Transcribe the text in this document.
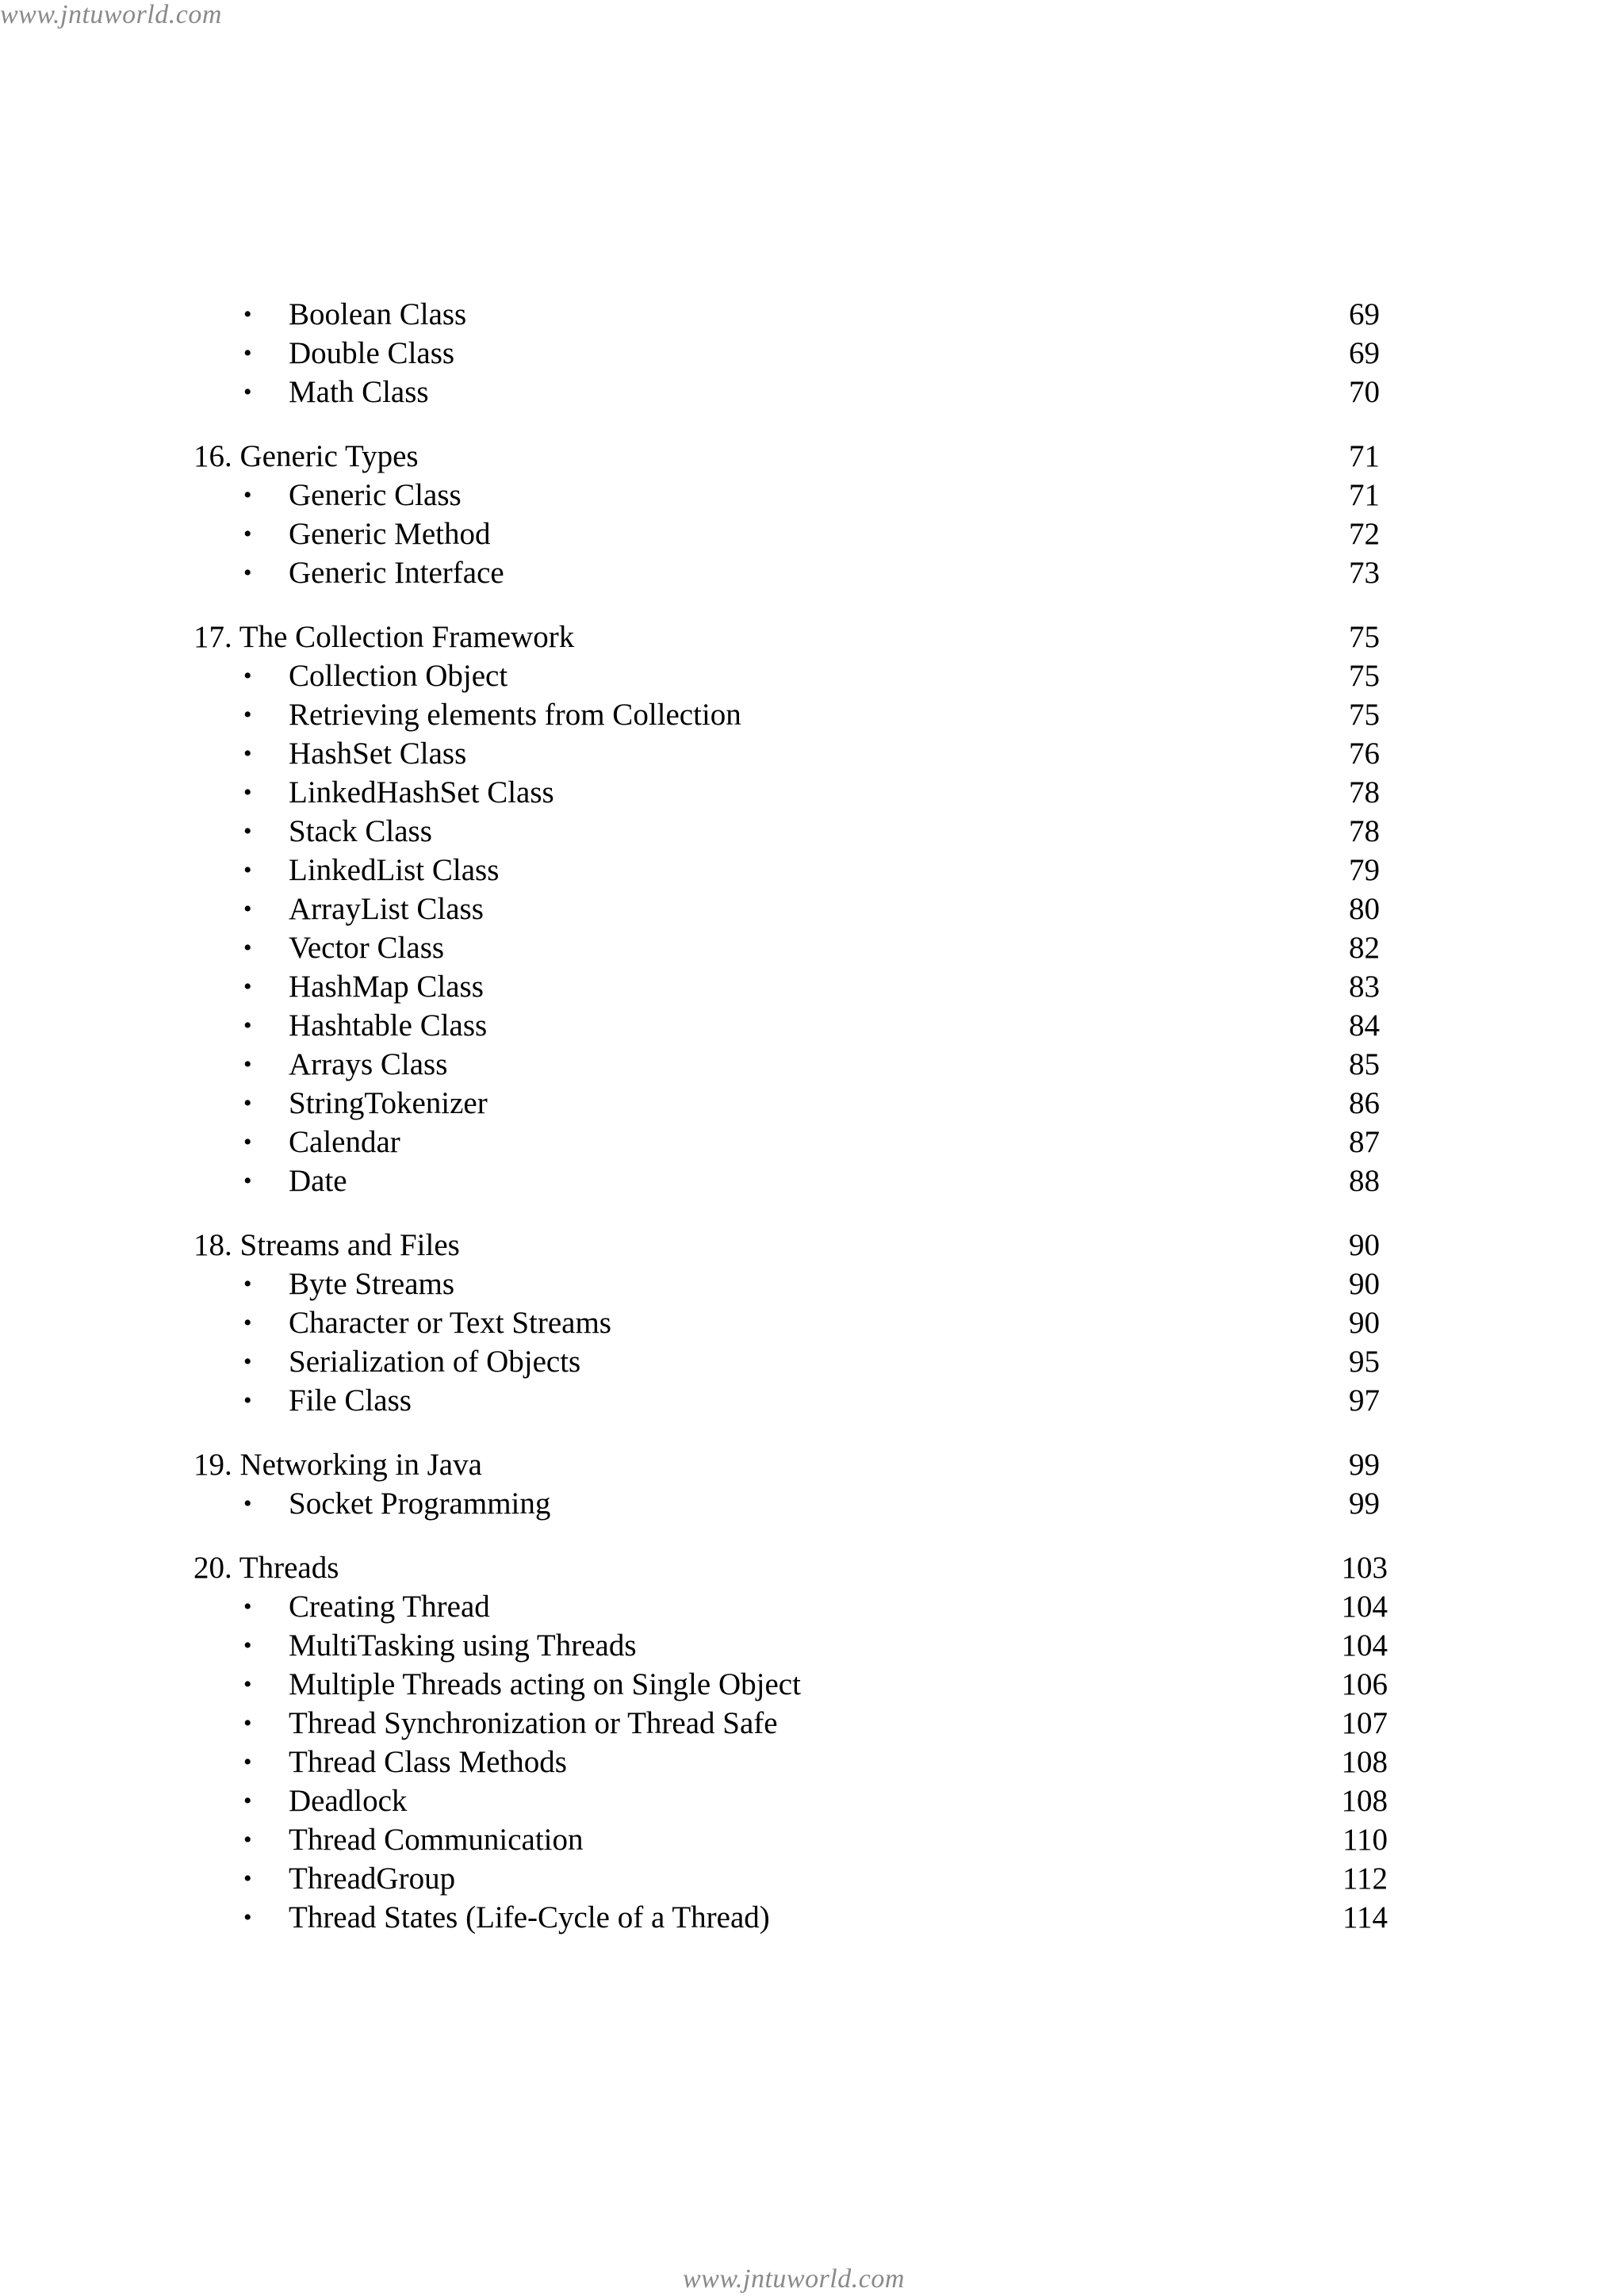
www.jntuworld.com
• Boolean Class	69
• Double Class	69
• Math Class	70
16. Generic Types	71
• Generic Class	71
• Generic Method	72
• Generic Interface	73
17. The Collection Framework	75
• Collection Object	75
• Retrieving elements from Collection	75
• HashSet Class	76
• LinkedHashSet Class	78
• Stack Class	78
• LinkedList Class	79
• ArrayList Class	80
• Vector Class	82
• HashMap Class	83
• Hashtable Class	84
• Arrays Class	85
• StringTokenizer	86
• Calendar	87
• Date	88
18. Streams and Files	90
• Byte Streams	90
• Character or Text Streams	90
• Serialization of Objects	95
• File Class	97
19. Networking in Java	99
• Socket Programming	99
20. Threads	103
• Creating Thread	104
• MultiTasking using Threads	104
• Multiple Threads acting on Single Object	106
• Thread Synchronization or Thread Safe	107
• Thread Class Methods	108
• Deadlock	108
• Thread Communication	110
• ThreadGroup	112
• Thread States (Life-Cycle of a Thread)	114
www.jntuworld.com
